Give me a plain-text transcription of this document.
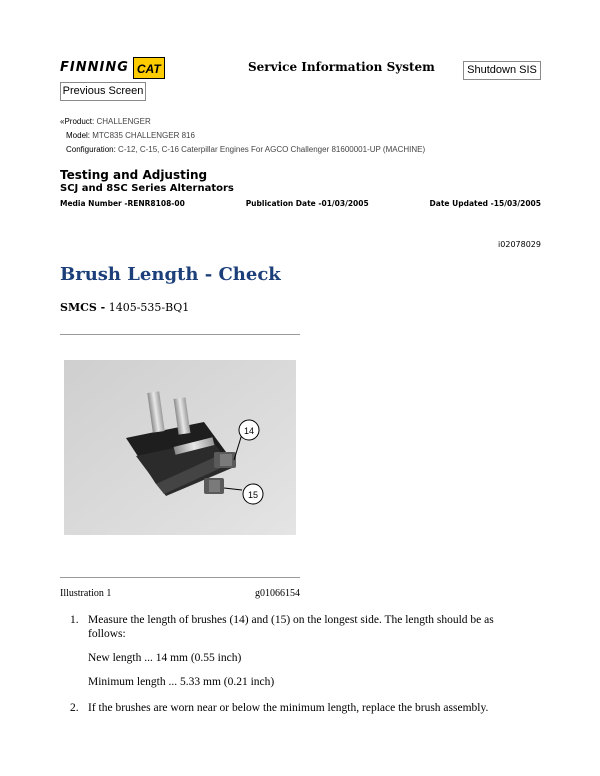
FINNING CAT	Service Information System	Shutdown SIS
Previous Screen
«Product: CHALLENGER
Model: MTC835 CHALLENGER 816
Configuration: C-12, C-15, C-16 Caterpillar Engines For AGCO Challenger 81600001-UP (MACHINE)
Testing and Adjusting
SCJ and 8SC Series Alternators
Media Number -RENR8108-00	Publication Date -01/03/2005	Date Updated -15/03/2005
i02078029
Brush Length - Check
SMCS - 1405-535-BQ1
14
15
Illustration 1	g01066154
1. Measure the length of brushes (14) and (15) on the longest side. The length should be as follows:
New length ... 14 mm (0.55 inch)
Minimum length ... 5.33 mm (0.21 inch)
2. If the brushes are worn near or below the minimum length, replace the brush assembly.
